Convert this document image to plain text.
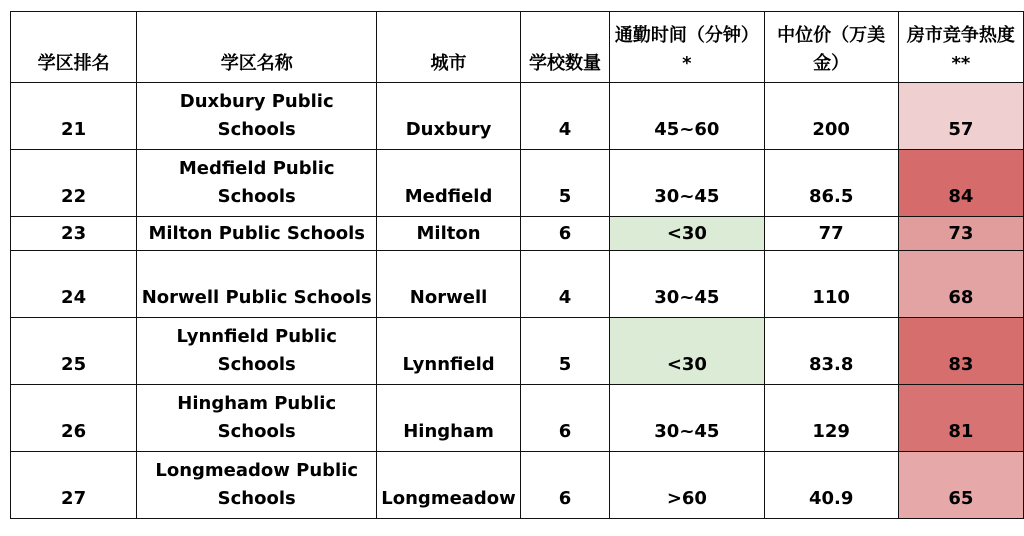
学区排名	学区名称	城市	学校数量	通勤时间（分钟）*	中位价（万美金）	房市竞争热度**
21	Duxbury Public Schools	Duxbury	4	45~60	200	57
22	Medfield Public Schools	Medfield	5	30~45	86.5	84
23	Milton Public Schools	Milton	6	<30	77	73
24	Norwell Public Schools	Norwell	4	30~45	110	68
25	Lynnfield Public Schools	Lynnfield	5	<30	83.8	83
26	Hingham Public Schools	Hingham	6	30~45	129	81
27	Longmeadow Public Schools	Longmeadow	6	>60	40.9	65
